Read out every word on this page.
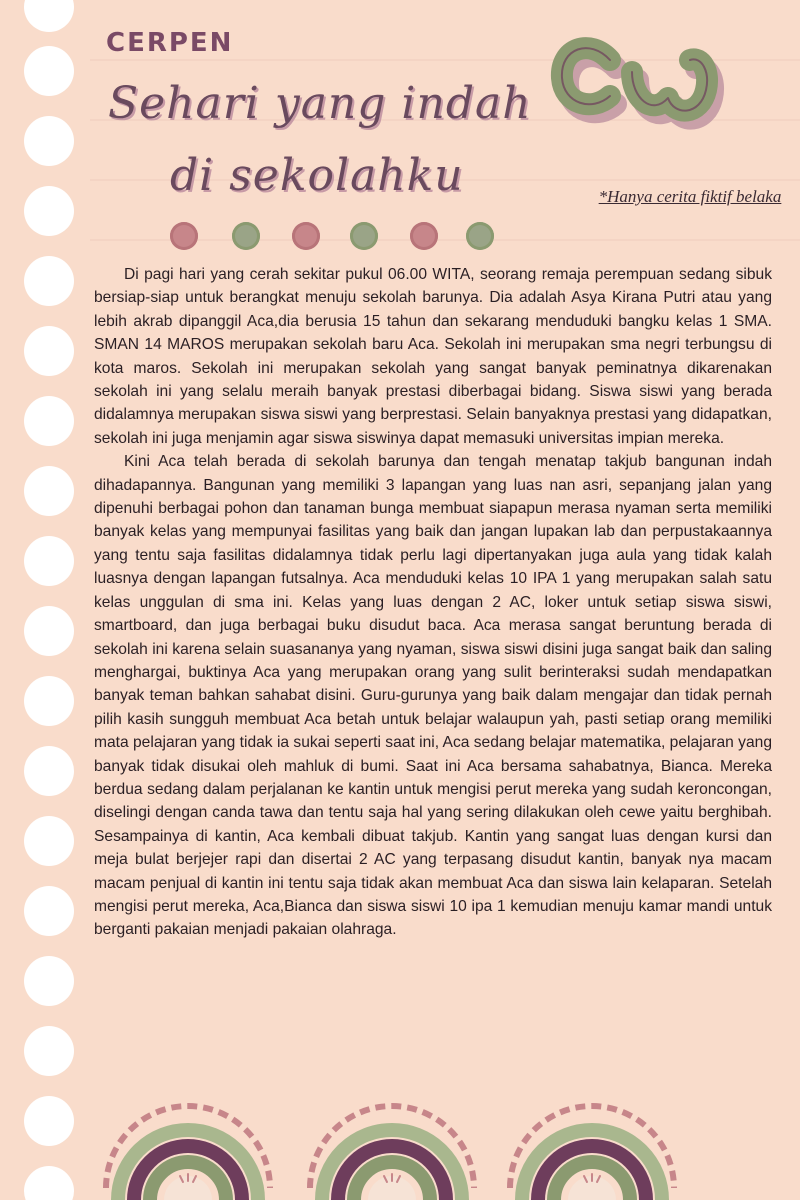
CERPEN
Sehari yang indah
di sekolahku	*Hanya cerita fiktif belaka

Di pagi hari yang cerah sekitar pukul 06.00 WITA, seorang remaja perempuan sedang sibuk bersiap-siap untuk berangkat menuju sekolah barunya. Dia adalah Asya Kirana Putri atau yang lebih akrab dipanggil Aca,dia berusia 15 tahun dan sekarang menduduki bangku kelas 1 SMA. SMAN 14 MAROS merupakan sekolah baru Aca. Sekolah ini merupakan sma negri terbungsu di kota maros. Sekolah ini merupakan sekolah yang sangat banyak peminatnya dikarenakan sekolah ini yang selalu meraih banyak prestasi diberbagai bidang. Siswa siswi yang berada didalamnya merupakan siswa siswi yang berprestasi. Selain banyaknya prestasi yang didapatkan, sekolah ini juga menjamin agar siswa siswinya dapat memasuki universitas impian mereka.

Kini Aca telah berada di sekolah barunya dan tengah menatap takjub bangunan indah dihadapannya. Bangunan yang memiliki 3 lapangan yang luas nan asri, sepanjang jalan yang dipenuhi berbagai pohon dan tanaman bunga membuat siapapun merasa nyaman serta memiliki banyak kelas yang mempunyai fasilitas yang baik dan jangan lupakan lab dan perpustakaannya yang tentu saja fasilitas didalamnya tidak perlu lagi dipertanyakan juga aula yang tidak kalah luasnya dengan lapangan futsalnya. Aca menduduki kelas 10 IPA 1 yang merupakan salah satu kelas unggulan di sma ini. Kelas yang luas dengan 2 AC, loker untuk setiap siswa siswi, smartboard, dan juga berbagai buku disudut baca. Aca merasa sangat beruntung berada di sekolah ini karena selain suasananya yang nyaman, siswa siswi disini juga sangat baik dan saling menghargai, buktinya Aca yang merupakan orang yang sulit berinteraksi sudah mendapatkan banyak teman bahkan sahabat disini. Guru-gurunya yang baik dalam mengajar dan tidak pernah pilih kasih sungguh membuat Aca betah untuk belajar walaupun yah, pasti setiap orang memiliki mata pelajaran yang tidak ia sukai seperti saat ini, Aca sedang belajar matematika, pelajaran yang banyak tidak disukai oleh mahluk di bumi. Saat ini Aca bersama sahabatnya, Bianca. Mereka berdua sedang dalam perjalanan ke kantin untuk mengisi perut mereka yang sudah keroncongan, diselingi dengan canda tawa dan tentu saja hal yang sering dilakukan oleh cewe yaitu berghibah. Sesampainya di kantin, Aca kembali dibuat takjub. Kantin yang sangat luas dengan kursi dan meja bulat berjejer rapi dan disertai 2 AC yang terpasang disudut kantin, banyak nya macam macam penjual di kantin ini tentu saja tidak akan membuat Aca dan siswa lain kelaparan. Setelah mengisi perut mereka, Aca,Bianca dan siswa siswi 10 ipa 1 kemudian menuju kamar mandi untuk berganti pakaian menjadi pakaian olahraga.
